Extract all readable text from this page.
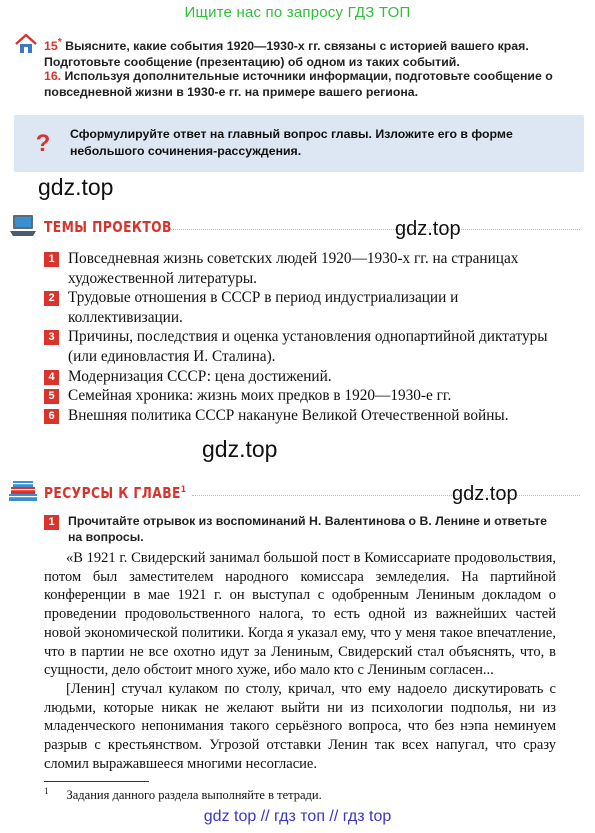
Ищите нас по запросу ГДЗ ТОП
15* Выясните, какие события 1920—1930-х гг. связаны с историей вашего края. Подготовьте сообщение (презентацию) об одном из таких событий.
16. Используя дополнительные источники информации, подготовьте сообщение о повседневной жизни в 1930-е гг. на примере вашего региона.
? Сформулируйте ответ на главный вопрос главы. Изложите его в форме небольшого сочинения-рассуждения.
gdz.top
ТЕМЫ ПРОЕКТОВ	gdz.top
1 Повседневная жизнь советских людей 1920—1930-х гг. на страницах художественной литературы.
2 Трудовые отношения в СССР в период индустриализации и коллективизации.
3 Причины, последствия и оценка установления однопартийной диктатуры (или единовластия И. Сталина).
4 Модернизация СССР: цена достижений.
5 Семейная хроника: жизнь моих предков в 1920—1930-е гг.
6 Внешняя политика СССР накануне Великой Отечественной войны.
gdz.top
РЕСУРСЫ К ГЛАВЕ$^1$	gdz.top
1	Прочитайте отрывок из воспоминаний Н. Валентинова о В. Ленине и ответьте на вопросы.

«В 1921 г. Свидерский занимал большой пост в Комиссариате продовольствия, потом был заместителем народного комиссара земледелия. На партийной конференции в мае 1921 г. он выступал с одобренным Лениным докладом о проведении продовольственного налога, то есть одной из важнейших частей новой экономической политики. Когда я указал ему, что у меня такое впечатление, что в партии не все охотно идут за Лениным, Свидерский стал объяснять, что, в сущности, дело обстоит много хуже, ибо мало кто с Лениным согласен...

[Ленин] стучал кулаком по столу, кричал, что ему надоело дискутировать с людьми, которые никак не желают выйти ни из психологии подполья, ни из младенческого непонимания такого серьёзного вопроса, что без нэпа неминуем разрыв с крестьянством. Угрозой отставки Ленин так всех напугал, что сразу сломил выражавшееся многими несогласие.

$^1$ Задания данного раздела выполняйте в тетради.
gdz top // гдз топ // гдз top
